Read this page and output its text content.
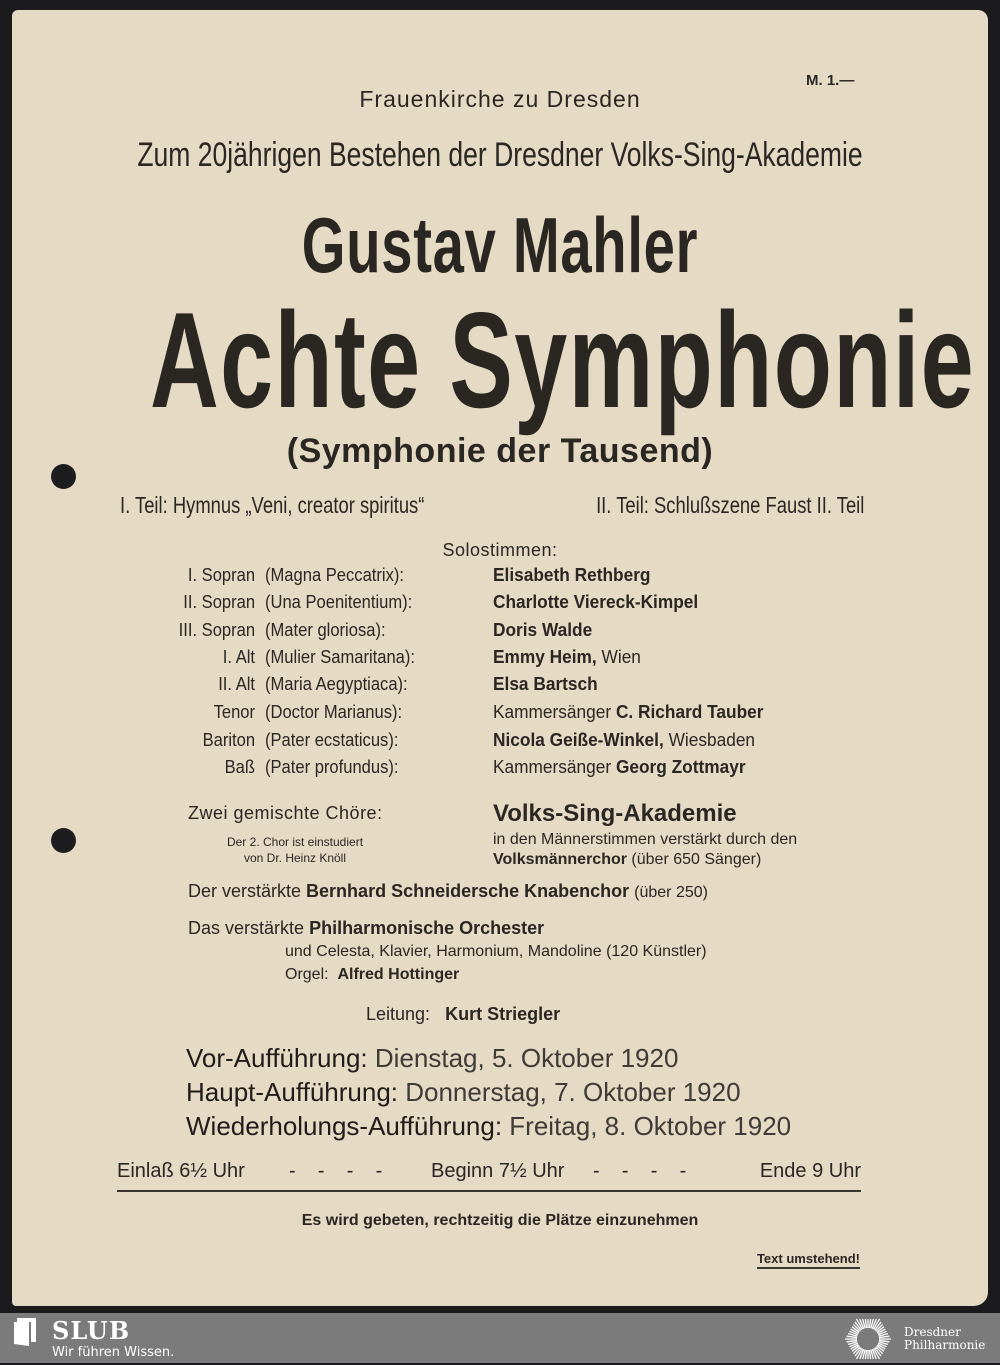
M. 1.—
Frauenkirche zu Dresden
Zum 20jährigen Bestehen der Dresdner Volks-Sing-Akademie
Gustav Mahler
Achte Symphonie
(Symphonie der Tausend)
I. Teil: Hymnus „Veni, creator spiritus“	II. Teil: Schlußszene Faust II. Teil
Solostimmen:
I. Sopran (Magna Peccatrix):	Elisabeth Rethberg
II. Sopran (Una Poenitentium):	Charlotte Viereck-Kimpel
III. Sopran (Mater gloriosa):	Doris Walde
I. Alt (Mulier Samaritana):	Emmy Heim, Wien
II. Alt (Maria Aegyptiaca):	Elsa Bartsch
Tenor (Doctor Marianus):	Kammersänger C. Richard Tauber
Bariton (Pater ecstaticus):	Nicola Geiße-Winkel, Wiesbaden
Baß (Pater profundus):	Kammersänger Georg Zottmayr
Zwei gemischte Chöre:
Der 2. Chor ist einstudiert
von Dr. Heinz Knöll
Volks-Sing-Akademie
in den Männerstimmen verstärkt durch den
Volksmännerchor (über 650 Sänger)
Der verstärkte Bernhard Schneidersche Knabenchor (über 250)
Das verstärkte Philharmonische Orchester
und Celesta, Klavier, Harmonium, Mandoline (120 Künstler)
Orgel: Alfred Hottinger
Leitung: Kurt Striegler
Vor-Aufführung: Dienstag, 5. Oktober 1920
Haupt-Aufführung: Donnerstag, 7. Oktober 1920
Wiederholungs-Aufführung: Freitag, 8. Oktober 1920
Einlaß 6½ Uhr -    -    -    - Beginn 7½ Uhr -    -    -    -	Ende 9 Uhr
Es wird gebeten, rechtzeitig die Plätze einzunehmen
Text umstehend!
SLUB
Wir führen Wissen.
Dresdner
Philharmonie
